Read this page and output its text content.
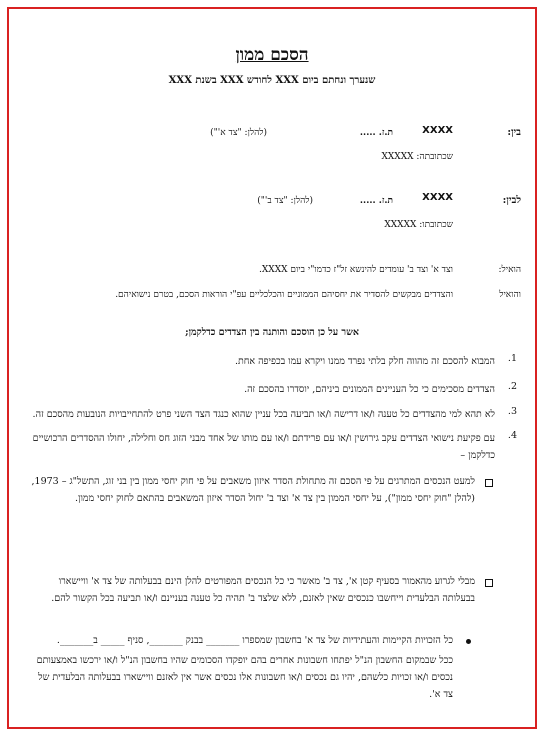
הסכם ממון
שנערך ונחתם ביום XXX לחודש XXX בשנת XXX
בין:
XXXX
ת.ז. .....
(להלן: "צד א'")
שכתובתה: XXXXX
לבין:
XXXX
ת.ז. .....
(להלן: "צד ב'")
שכתובתו: XXXXX
הואיל:
וצד א' וצד ב' עומדים להינשא זל"ז כדמו"י ביום XXXX.
והואיל
והצדדים מבקשים להסדיר את יחסיהם הממוניים והכלכליים עפ"י הוראות הסכם, בטרם נישואיהם.
אשר על כן הוסכם והותנה בין הצדדים כדלקמן;
1.
המבוא להסכם זה מהווה חלק בלתי נפרד ממנו ויקרא עמו בכפיפה אחת.
2.
הצדדים מסכימים כי כל העניינים הממונים ביניהם, יוסדרו בהסכם זה.
3.
לא תהא למי מהצדדים כל טענה ו/או דרישה ו/או תביעה בכל עניין שהוא כנגד הצד השני פרט להתחייבויות הנובעות מהסכם זה.
4.
עם פקיעת נישואי הצדדים עקב גירושין ו/או עם פרידתם ו/או עם מותו של אחד מבני הזוג חס וחלילה, יחולו ההסדרים הרכושיים כדלקמן –
למעט הנכסים המתרגים על פי הסכם זה מתחולת הסדר איזון משאבים על פי חוק יחסי ממון בין בני זוג, התשל"ג – 1973, (להלן "חוק יחסי ממון"), על יחסי הממון בין צד א' וצד ב' יחול הסדר איזון המשאבים בהתאם לחוק יחסי ממון.
מבלי לגרוע מהאמור בסעיף קטן א', צד ב' מאשר כי כל הנכסים המפורטים להלן הינם בבעלותה של צד א' וויישארו בבעלותה הבלעדית וייחשבו כנכסים שאין לאזנם, ללא שלצד ב' תהיה כל טענה בעניינם ו/או תביעה בכל הקשור להם.
כל הזכויות הקיימות והעתידיות של צד א' בחשבון שמספרו _______ בבנק _______, סניף _____ ב_______.
ככל שבמקום החשבון הנ"ל יפתחו חשבונות אחרים בהם יופקדו הסכומים שהיו בחשבון הנ"ל ו/או ירכשו באמצעותם נכסים ו/או זכויות כלשהם, יהיו גם נכסים ו/או חשבונות אלו נכסים אשר אין לאזנם וויישארו בבעלותה הבלעדית של צד א'.
